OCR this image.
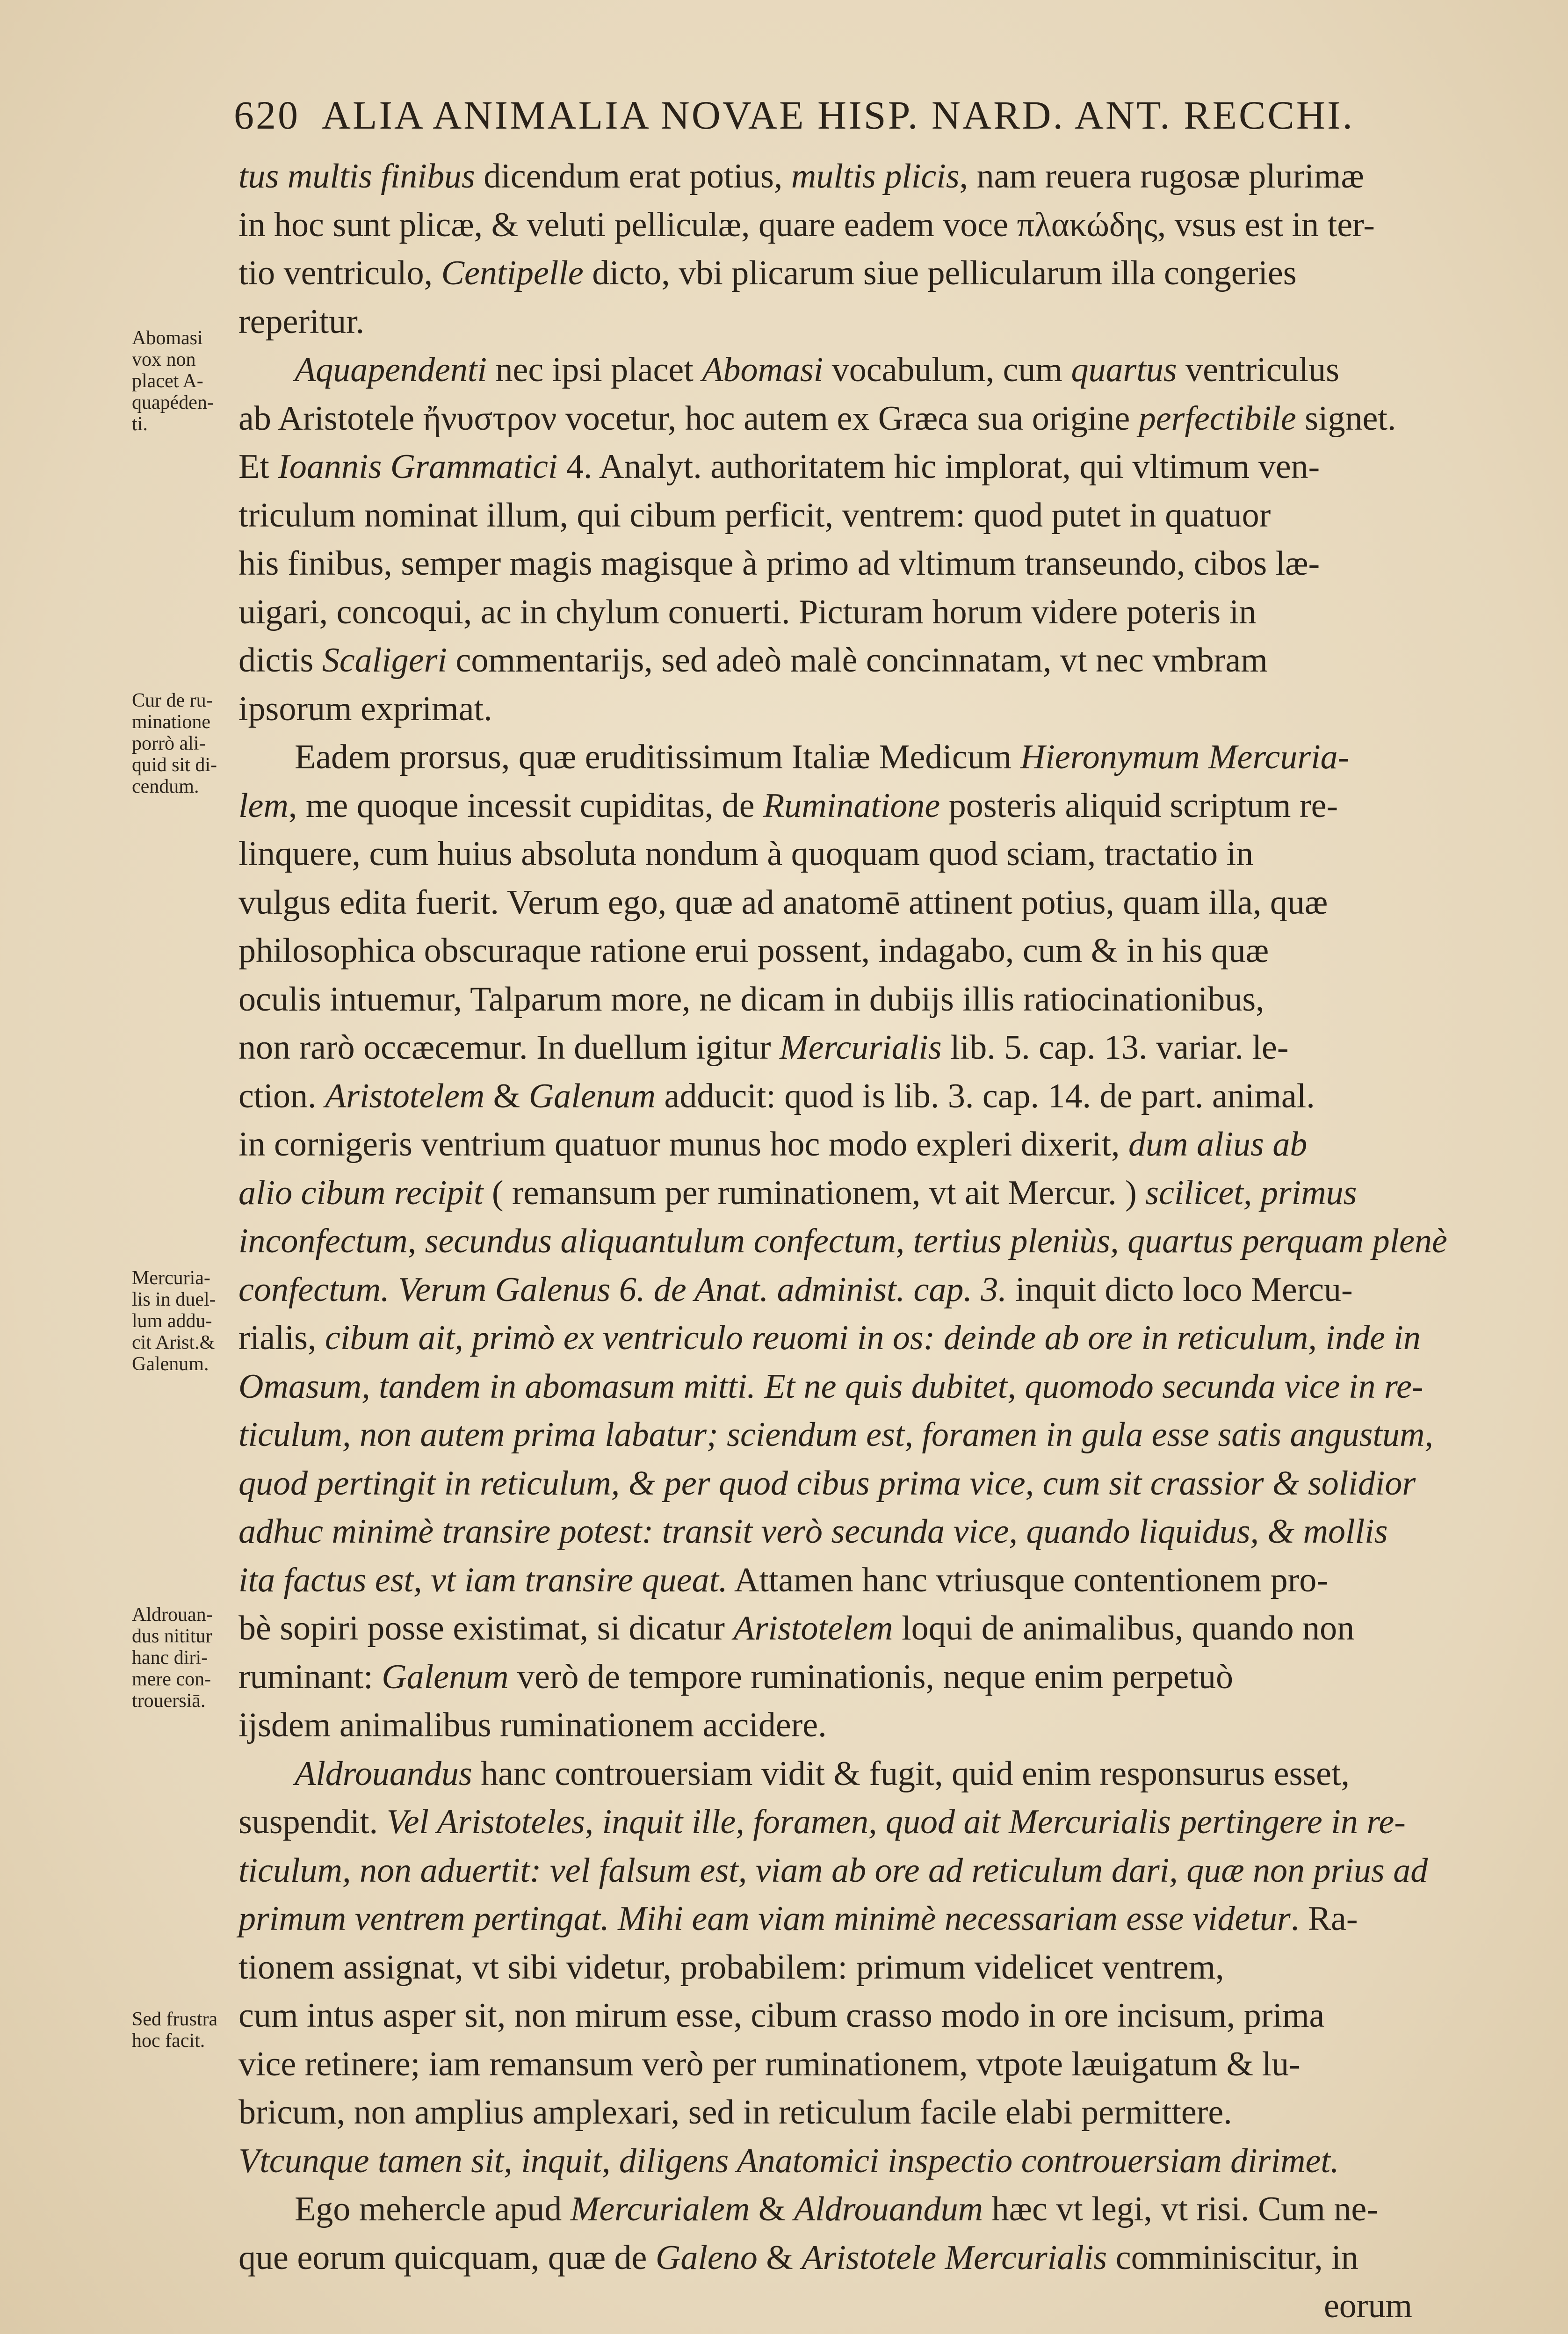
620 ALIA ANIMALIA NOVAE HISP. NARD. ANT. RECCHI.
Abomasi
vox non
placet A-
quapéden-
ti.
Cur de ru-
minatione
porrò ali-
quid sit di-
cendum.
Mercuria-
lis in duel-
lum addu-
cit Arist.&
Galenum.
Aldrouan-
dus nititur
hanc diri-
mere con-
trouersiā.
Sed frustra
hoc facit.
tus multis finibus dicendum erat potius, multis plicis, nam reuera rugosæ plurimæ
in hoc sunt plicæ, & veluti pelliculæ, quare eadem voce πλακώδης, vsus est in ter-
tio ventriculo, Centipelle dicto, vbi plicarum siue pellicularum illa congeries
reperitur.
Aquapendenti nec ipsi placet Abomasi vocabulum, cum quartus ventriculus
ab Aristotele ἤνυστρον vocetur, hoc autem ex Græca sua origine perfectibile signet.
Et Ioannis Grammatici 4. Analyt. authoritatem hic implorat, qui vltimum ven-
triculum nominat illum, qui cibum perficit, ventrem: quod putet in quatuor
his finibus, semper magis magisque à primo ad vltimum transeundo, cibos læ-
uigari, concoqui, ac in chylum conuerti. Picturam horum videre poteris in
dictis Scaligeri commentarijs, sed adeò malè concinnatam, vt nec vmbram
ipsorum exprimat.
Eadem prorsus, quæ eruditissimum Italiæ Medicum Hieronymum Mercuria-
lem, me quoque incessit cupiditas, de Ruminatione posteris aliquid scriptum re-
linquere, cum huius absoluta nondum à quoquam quod sciam, tractatio in
vulgus edita fuerit. Verum ego, quæ ad anatomē attinent potius, quam illa, quæ
philosophica obscuraque ratione erui possent, indagabo, cum & in his quæ
oculis intuemur, Talparum more, ne dicam in dubijs illis ratiocinationibus,
non rarò occæcemur. In duellum igitur Mercurialis lib. 5. cap. 13. variar. le-
ction. Aristotelem & Galenum adducit: quod is lib. 3. cap. 14. de part. animal.
in cornigeris ventrium quatuor munus hoc modo expleri dixerit, dum alius ab
alio cibum recipit ( remansum per ruminationem, vt ait Mercur. ) scilicet, primus
inconfectum, secundus aliquantulum confectum, tertius pleniùs, quartus perquam plenè
confectum. Verum Galenus 6. de Anat. administ. cap. 3. inquit dicto loco Mercu-
rialis, cibum ait, primò ex ventriculo reuomi in os: deinde ab ore in reticulum, inde in
Omasum, tandem in abomasum mitti. Et ne quis dubitet, quomodo secunda vice in re-
ticulum, non autem prima labatur; sciendum est, foramen in gula esse satis angustum,
quod pertingit in reticulum, & per quod cibus prima vice, cum sit crassior & solidior
adhuc minimè transire potest: transit verò secunda vice, quando liquidus, & mollis
ita factus est, vt iam transire queat. Attamen hanc vtriusque contentionem pro-
bè sopiri posse existimat, si dicatur Aristotelem loqui de animalibus, quando non
ruminant: Galenum verò de tempore ruminationis, neque enim perpetuò
ijsdem animalibus ruminationem accidere.
Aldrouandus hanc controuersiam vidit & fugit, quid enim responsurus esset,
suspendit. Vel Aristoteles, inquit ille, foramen, quod ait Mercurialis pertingere in re-
ticulum, non aduertit: vel falsum est, viam ab ore ad reticulum dari, quæ non prius ad
primum ventrem pertingat. Mihi eam viam minimè necessariam esse videtur. Ra-
tionem assignat, vt sibi videtur, probabilem: primum videlicet ventrem,
cum intus asper sit, non mirum esse, cibum crasso modo in ore incisum, prima
vice retinere; iam remansum verò per ruminationem, vtpote læuigatum & lu-
bricum, non amplius amplexari, sed in reticulum facile elabi permittere.
Vtcunque tamen sit, inquit, diligens Anatomici inspectio controuersiam dirimet.
Ego mehercle apud Mercurialem & Aldrouandum hæc vt legi, vt risi. Cum ne-
que eorum quicquam, quæ de Galeno & Aristotele Mercurialis comminiscitur, in
eorum
